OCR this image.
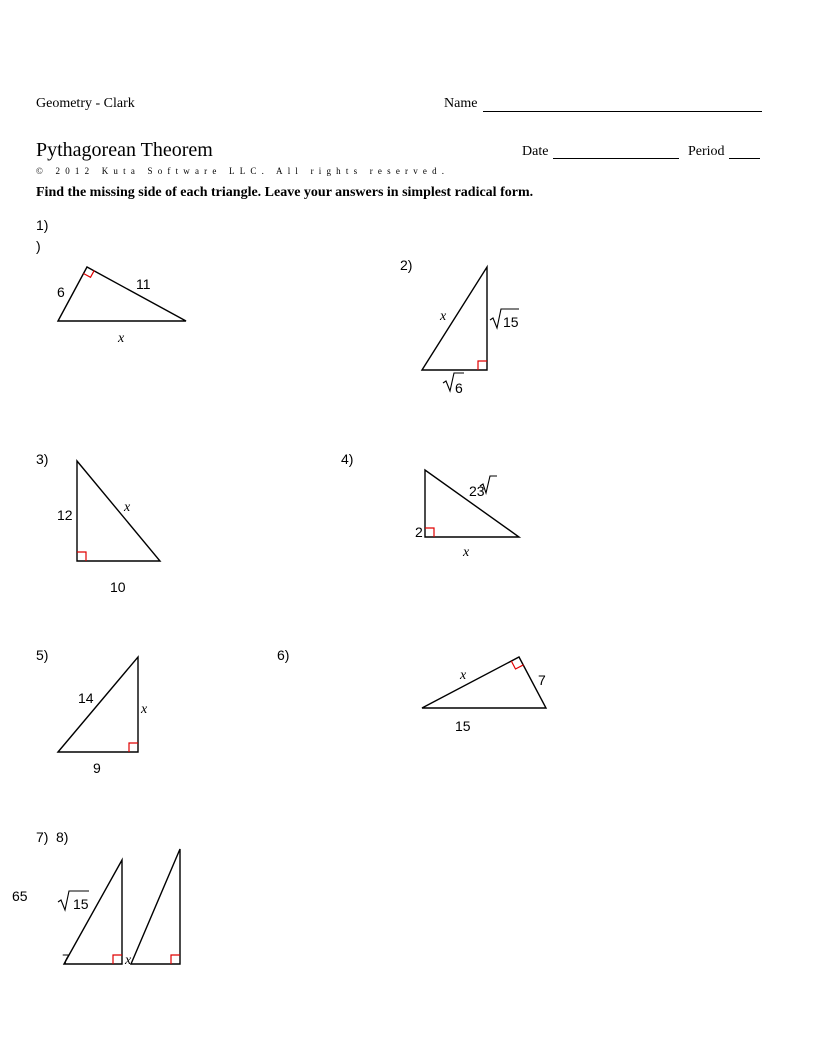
Geometry - Clark	Name
Pythagorean Theorem	Date	Period
© 2012 Kuta Software LLC. All rights reserved.
Find the missing side of each triangle. Leave your answers in simplest radical form.
1)
)
2)
3)	4)
5)	6)
7) 8)
6	11
x
x	15
6
12	x
10
23
2
x
14
x
9
x	7
15
65	15
7	x
